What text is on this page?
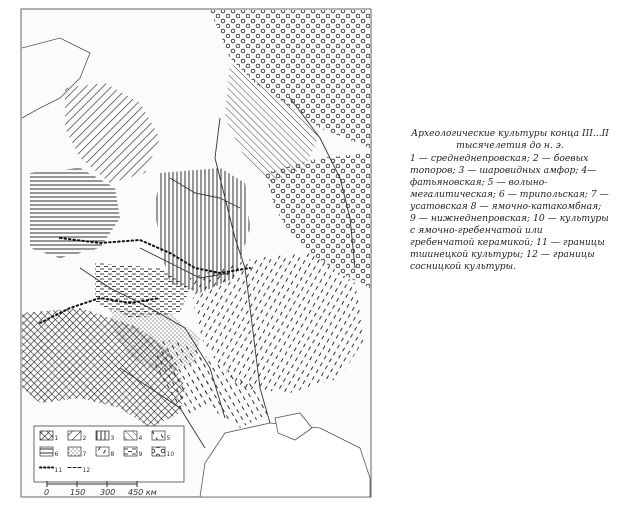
1	2	3	4	5
6	7	8	9	10
11	12
0	150 300 450 км
Археологические культуры конца III...II тысячелетия до н. э.
1 — среднеднепровская; 2 — боевых топоров; 3 — шаровидных амфор; 4— фатьяновская; 5 — волыно-мегалитическая; 6 — трипольская; 7 — усатовская 8 — ямочно-катакомбная; 9 — нижнеднепровская; 10 — культуры с ямочно-гребенчатой или гребенчатой керамикой; 11 — границы тшинецкой культуры; 12 — границы сосницкой культуры.
